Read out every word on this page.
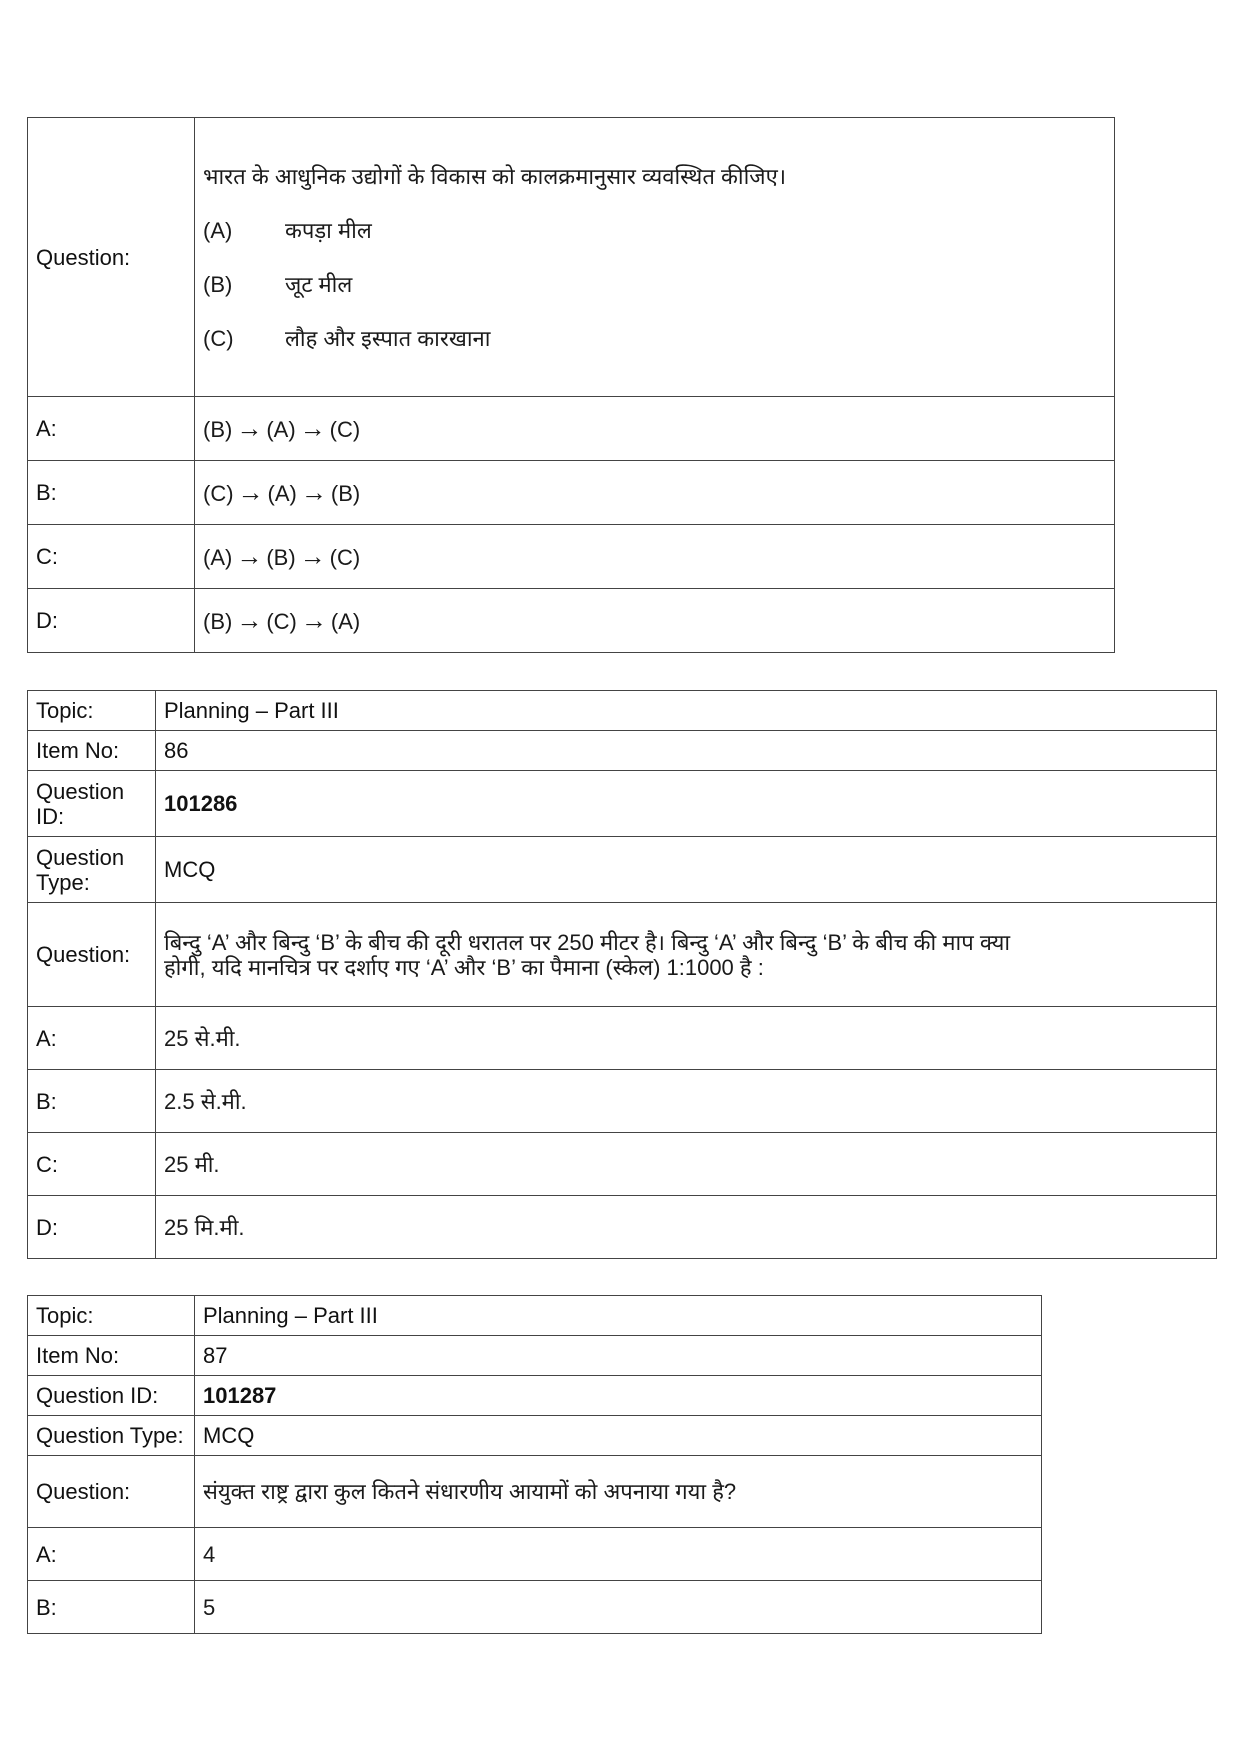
Question:	भारत के आधुनिक उद्योगों के विकास को कालक्रमानुसार व्यवस्थित कीजिए।
(A) कपड़ा मील
(B) जूट मील
(C) लौह और इस्पात कारखाना

A:	(B) → (A) → (C)
B:	(C) → (A) → (B)
C:	(A) → (B) → (C)
D:	(B) → (C) → (A)
Topic:	Planning – Part III
Item No:	86
Question ID:	101286
Question Type:	MCQ
Question:	बिन्दु ‘A’ और बिन्दु ‘B’ के बीच की दूरी धरातल पर 250 मीटर है। बिन्दु ‘A’ और बिन्दु ‘B’ के बीच की माप क्या
होगी, यदि मानचित्र पर दर्शाए गए ‘A’ और ‘B’ का पैमाना (स्केल) 1:1000 है :

A:	25 से.मी.
B:	2.5 से.मी.
C:	25 मी.
D:	25 मि.मी.
Topic:	Planning – Part III
Item No:	87
Question ID:	101287
Question Type:	MCQ
Question:	संयुक्त राष्ट्र द्वारा कुल कितने संधारणीय आयामों को अपनाया गया है?
A:	4
B:	5
